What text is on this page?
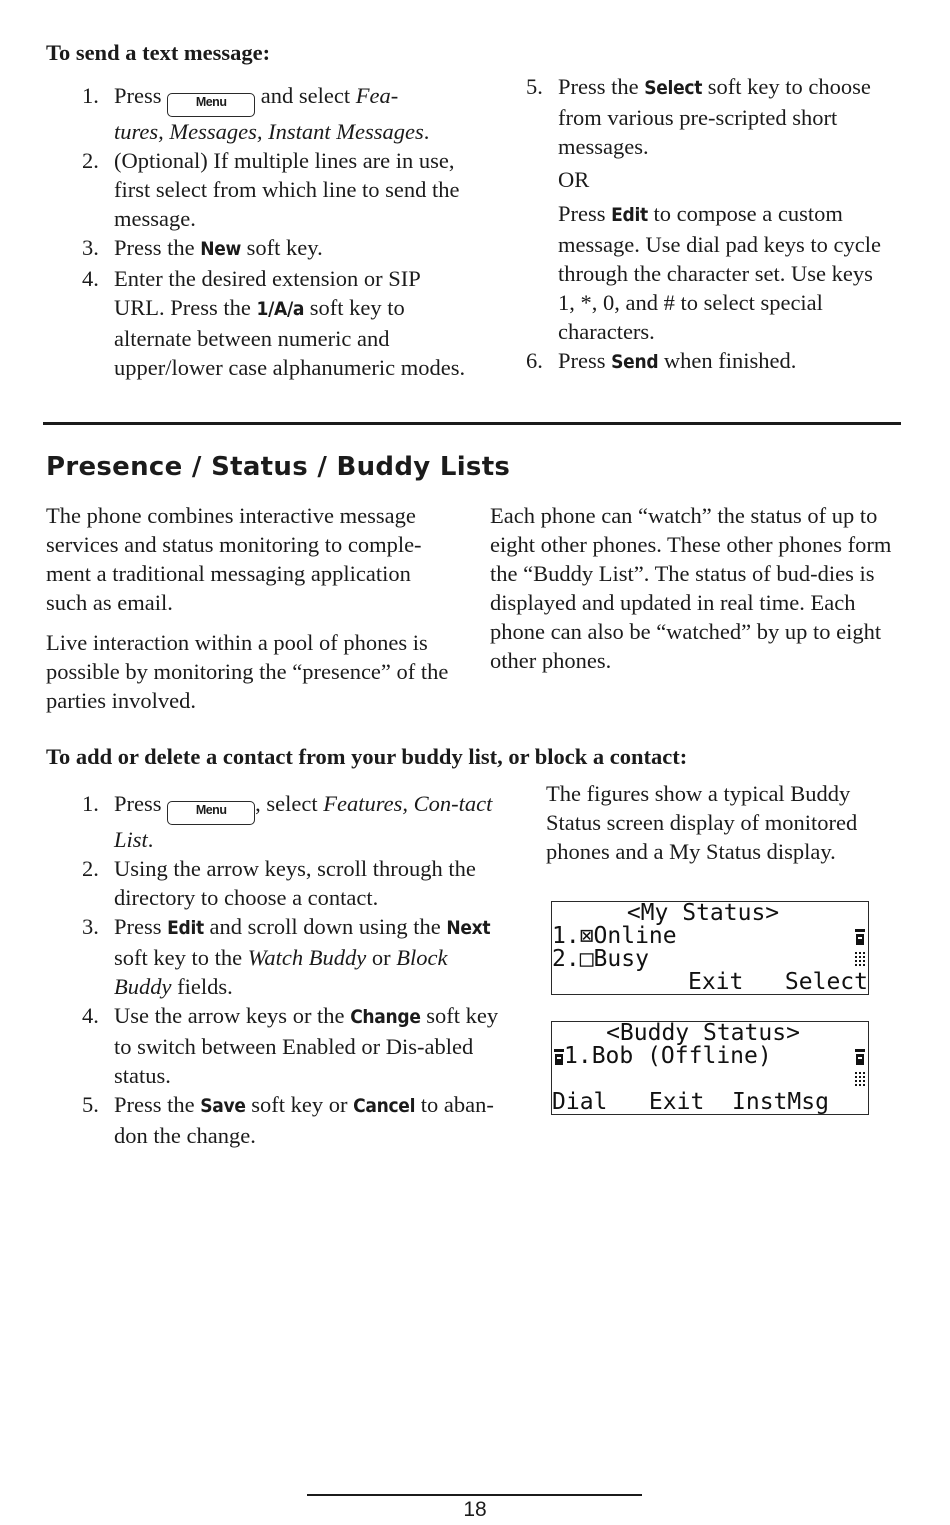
To send a text message:
1. Press Menu and select Fea-
tures, Messages, Instant Messages.
2. (Optional) If multiple lines are in use, first select from which line to send the message.
3. Press the New soft key.
4. Enter the desired extension or SIP URL. Press the 1/A/a soft key to alternate between numeric and upper/lower case alphanumeric modes.
5. Press the Select soft key to choose from various pre-scripted short messages.
OR
Press Edit to compose a custom message. Use dial pad keys to cycle through the character set. Use keys 1, *, 0, and # to select special characters.
6. Press Send when finished.
Presence / Status / Buddy Lists

The phone combines interactive message services and status monitoring to comple-ment a traditional messaging application such as email.

Live interaction within a pool of phones is possible by monitoring the “presence” of the parties involved.

Each phone can “watch” the status of up to eight other phones. These other phones form the “Buddy List”. The status of bud-dies is displayed and updated in real time. Each phone can also be “watched” by up to eight other phones.

To add or delete a contact from your buddy list, or block a contact:
1. Press Menu , select Features, Con-tact List.
2. Using the arrow keys, scroll through the directory to choose a contact.
3. Press Edit and scroll down using the Next soft key to the Watch Buddy or Block Buddy fields.
4. Use the arrow keys or the Change soft key to switch between Enabled or Dis-abled status.
5. Press the Save soft key or Cancel to aban-don the change.
The figures show a typical Buddy Status screen display of monitored phones and a My Status display.
<My Status>
1.⊠Online
2.□Busy
Exit   Select
<Buddy Status>
1.Bob (Offline)
Dial   Exit  InstMsg
18
